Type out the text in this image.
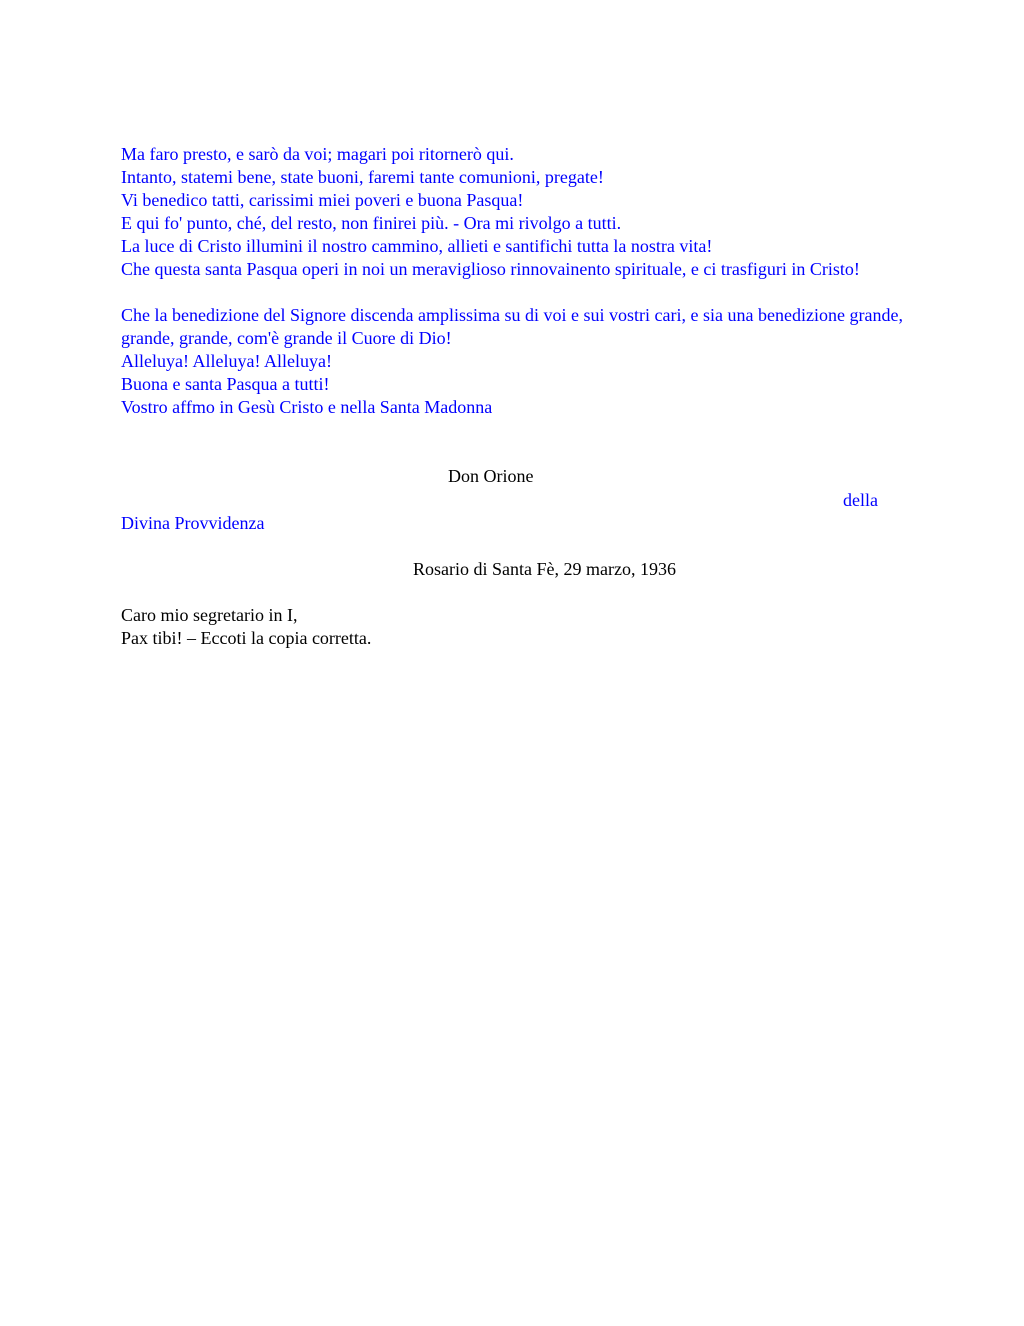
Ma faro presto, e sarò da voi; magari poi ritornerò qui.
Intanto, statemi bene, state buoni, faremi tante comunioni, pregate!
Vi benedico tatti, carissimi miei poveri e buona Pasqua!
E qui fo' punto, ché, del resto, non finirei più. - Ora mi rivolgo a tutti.
La luce di Cristo illumini il nostro cammino, allieti e santifichi tutta la nostra vita!
Che questa santa Pasqua operi in noi un meraviglioso rinnovainento spirituale, e ci trasfiguri in Cristo!
Che la benedizione del Signore discenda amplissima su di voi e sui vostri cari, e sia una benedizione grande, grande, grande, com'è grande il Cuore di Dio!
Alleluya! Alleluya! Alleluya!
Buona e santa Pasqua a tutti!
Vostro affmo in Gesù Cristo e nella Santa Madonna
Don Orione
della
Divina Provvidenza
Rosario di Santa Fè, 29 marzo, 1936
Caro mio segretario in I,
Pax tibi! – Eccoti la copia corretta.
